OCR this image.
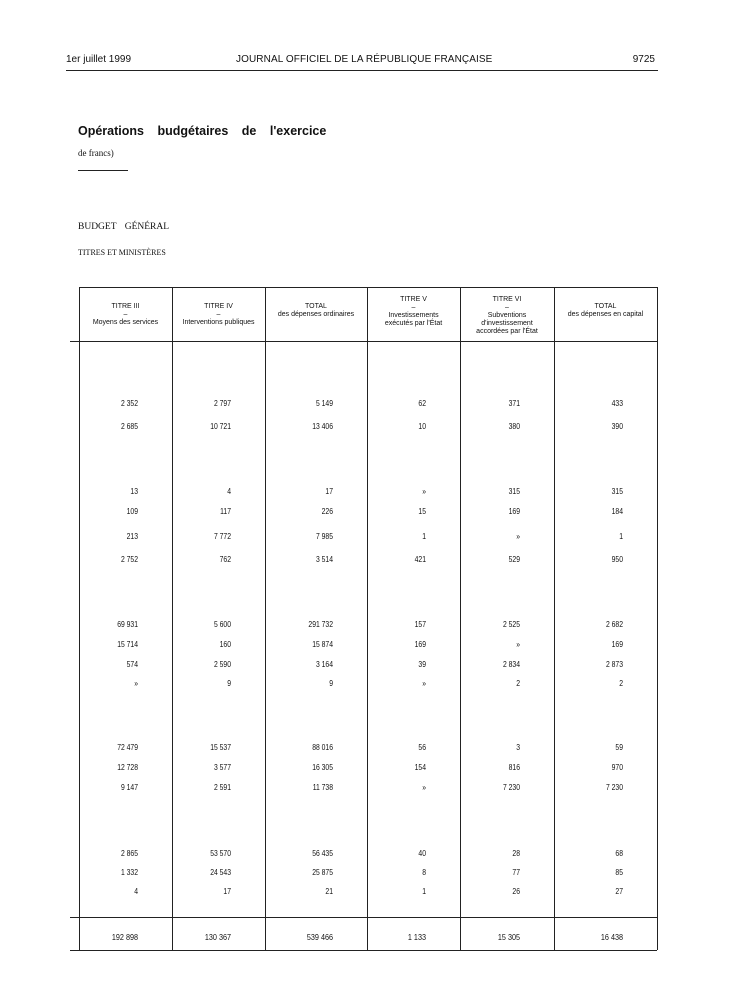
1er juillet 1999	JOURNAL OFFICIEL DE LA RÉPUBLIQUE FRANÇAISE	9725
Opérations budgétaires de l'exercice
de francs)
BUDGET GÉNÉRAL
TITRES ET MINISTÈRES
TITRE III
–
Moyens des services
TITRE IV
–
Interventions publiques
TOTAL
des dépenses ordinaires
TITRE V
–
Investissements
exécutés par l'État
TITRE VI
–
Subventions d'investissement
accordées par l'État
TOTAL
des dépenses en capital
2 352	2 797	5 149	62	371	433
2 685	10 721	13 406	10	380	390
13	4	17	»	315	315
109	117	226	15	169	184
213	7 772	7 985	1	»	1
2 752	762	3 514	421	529	950
69 931	5 600	291 732	157	2 525	2 682
15 714	160	15 874	169	»	169
574	2 590	3 164	39	2 834	2 873
»	9	9	»	2	2
72 479	15 537	88 016	56	3	59
12 728	3 577	16 305	154	816	970
9 147	2 591	11 738	»	7 230	7 230
2 865	53 570	56 435	40	28	68
1 332	24 543	25 875	8	77	85
4	17	21	1	26	27
192 898	130 367	539 466	1 133	15 305	16 438
